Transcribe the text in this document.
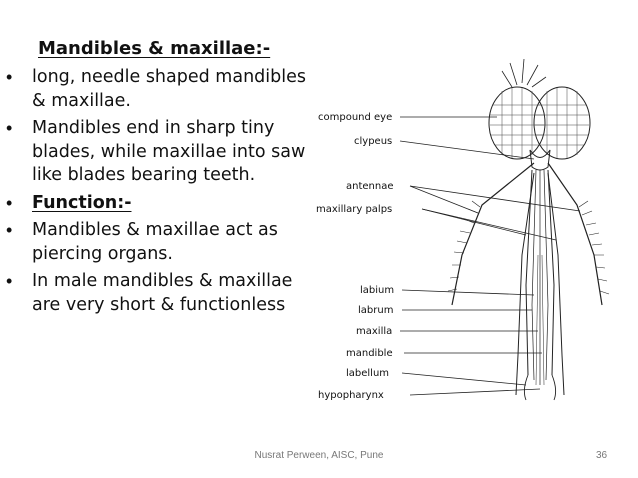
Mandibles & maxillae:-
• long, needle shaped mandibles & maxillae.
• Mandibles end in sharp tiny blades, while maxillae into saw like blades bearing teeth.
• Function:-
• Mandibles & maxillae act as piercing organs.
• In male mandibles & maxillae are very short & functionless
compound eye
clypeus
antennae
maxillary palps
labium
labrum
maxilla
mandible
labellum
hypopharynx
Nusrat Perween, AISC, Pune	36
